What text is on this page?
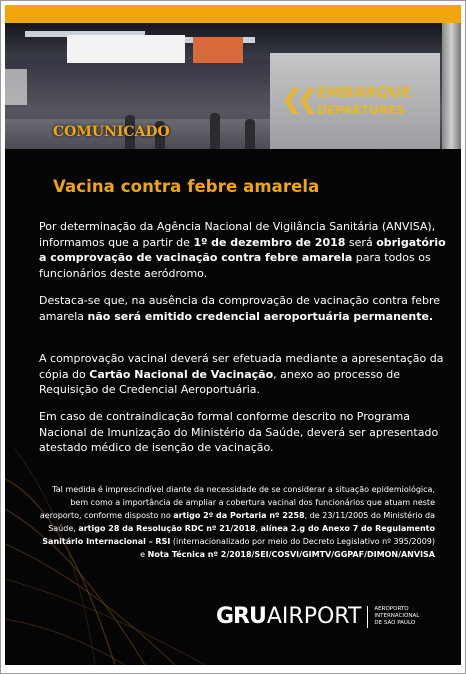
❮❮ EMBARQUE
DEPARTURES

COMUNICADO

Vacina contra febre amarela

Por determinação da Agência Nacional de Vigilância Sanitária (ANVISA), informamos que a partir de 1º de dezembro de 2018 será obrigatório a comprovação de vacinação contra febre amarela para todos os funcionários deste aeródromo.

Destaca-se que, na ausência da comprovação de vacinação contra febre amarela não será emitido credencial aeroportuária permanente.

A comprovação vacinal deverá ser efetuada mediante a apresentação da cópia do Cartão Nacional de Vacinação, anexo ao processo de Requisição de Credencial Aeroportuária.

Em caso de contraindicação formal conforme descrito no Programa Nacional de Imunização do Ministério da Saúde, deverá ser apresentado atestado médico de isenção de vacinação.

Tal medida é imprescindível diante da necessidade de se considerar a situação epidemiológica, bem como a importância de ampliar a cobertura vacinal dos funcionários que atuam neste aeroporto, conforme disposto no artigo 2º da Portaria nº 2258, de 23/11/2005 do Ministério da Saúde, artigo 28 da Resolução RDC nº 21/2018, alínea 2.g do Anexo 7 do Regulamento Sanitário Internacional – RSI (internacionalizado por meio do Decreto Legislativo nº 395/2009) e Nota Técnica nº 2/2018/SEI/COSVI/GIMTV/GGPAF/DIMON/ANVISA

GRU AIRPORT AEROPORTO
INTERNACIONAL
DE SÃO PAULO
